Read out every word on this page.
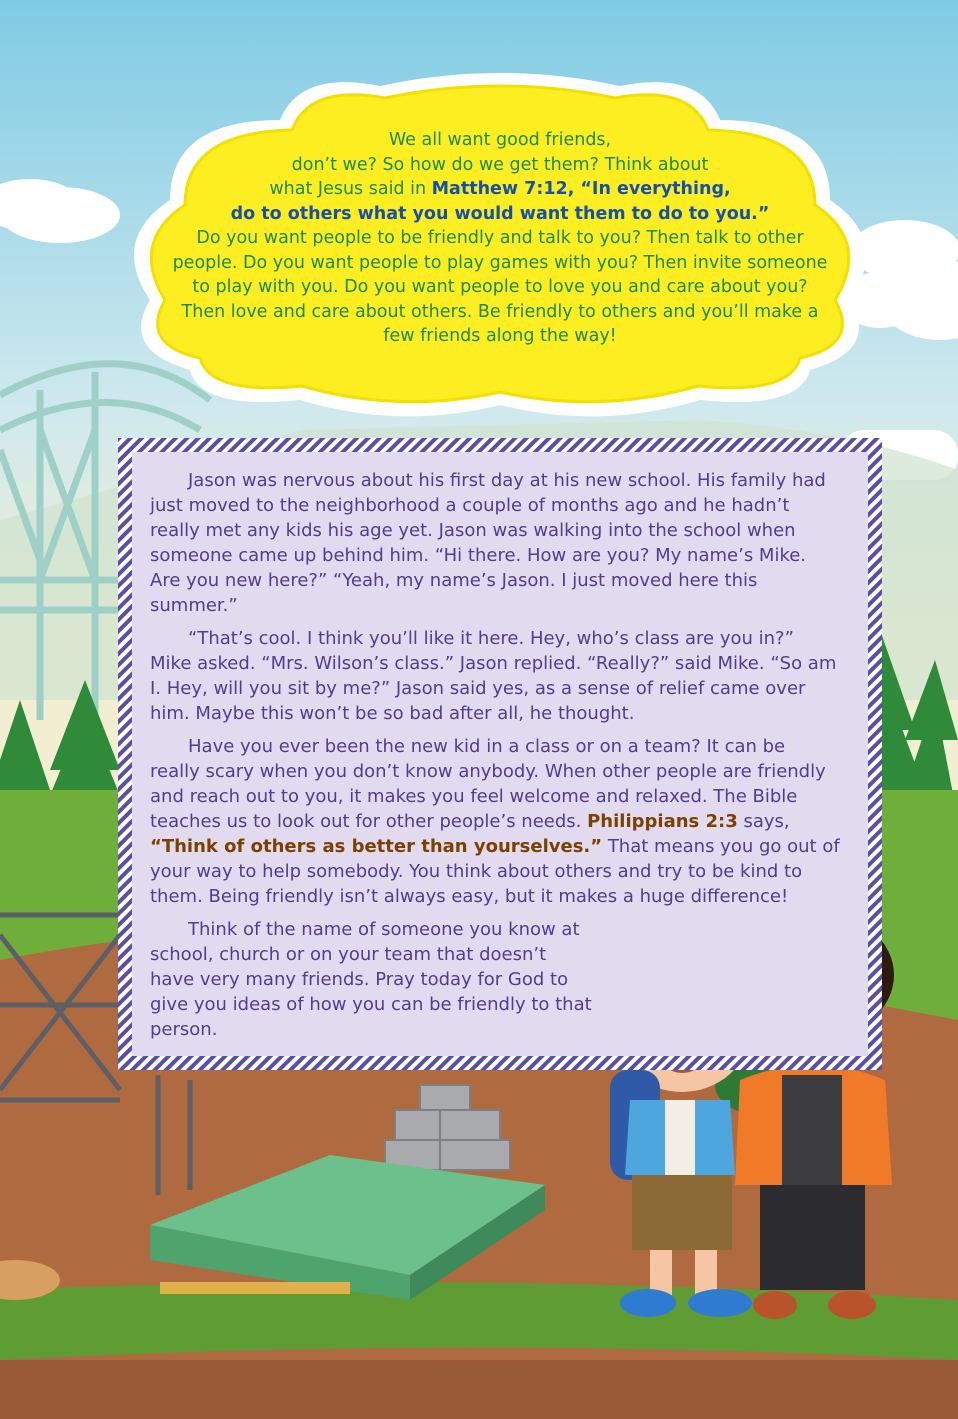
We all want good friends,
don’t we? So how do we get them? Think about
what Jesus said in Matthew 7:12, “In everything,
do to others what you would want them to do to you.”
Do you want people to be friendly and talk to you? Then talk to other people. Do you want people to play games with you? Then invite someone to play with you. Do you want people to love you and care about you? Then love and care about others. Be friendly to others and you’ll make a few friends along the way!

Jason was nervous about his first day at his new school. His family had just moved to the neighborhood a couple of months ago and he hadn’t really met any kids his age yet. Jason was walking into the school when someone came up behind him. “Hi there. How are you? My name’s Mike. Are you new here?” “Yeah, my name’s Jason. I just moved here this summer.”

“That’s cool. I think you’ll like it here. Hey, who’s class are you in?” Mike asked. “Mrs. Wilson’s class.” Jason replied. “Really?” said Mike. “So am I. Hey, will you sit by me?” Jason said yes, as a sense of relief came over him. Maybe this won’t be so bad after all, he thought.

Have you ever been the new kid in a class or on a team? It can be really scary when you don’t know anybody. When other people are friendly and reach out to you, it makes you feel welcome and relaxed. The Bible teaches us to look out for other people’s needs. Philippians 2:3 says, “Think of others as better than yourselves.” That means you go out of your way to help somebody. You think about others and try to be kind to them. Being friendly isn’t always easy, but it makes a huge difference!

Think of the name of someone you know at school, church or on your team that doesn’t have very many friends. Pray today for God to give you ideas of how you can be friendly to that person.
